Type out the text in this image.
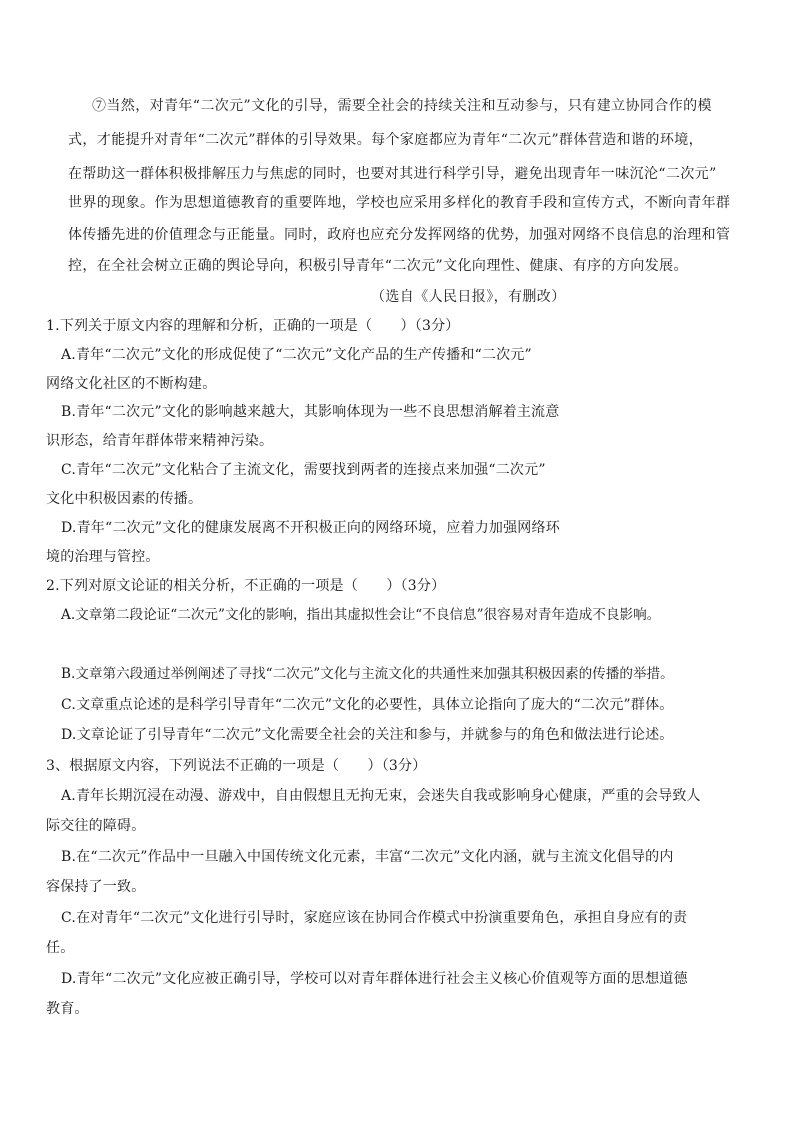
⑦当然，对青年“二次元”文化的引导，需要全社会的持续关注和互动参与，只有建立协同合作的模
式，才能提升对青年“二次元”群体的引导效果。每个家庭都应为青年“二次元”群体营造和谐的环境，
在帮助这一群体积极排解压力与焦虑的同时，也要对其进行科学引导，避免出现青年一味沉沦“二次元”
世界的现象。作为思想道德教育的重要阵地，学校也应采用多样化的教育手段和宣传方式，不断向青年群
体传播先进的价值理念与正能量。同时，政府也应充分发挥网络的优势，加强对网络不良信息的治理和管
控，在全社会树立正确的舆论导向，积极引导青年“二次元”文化向理性、健康、有序的方向发展。
（选自《人民日报》，有删改）
1.下列关于原文内容的理解和分析，正确的一项是（　　）（3分）
A.青年“二次元”文化的形成促使了“二次元”文化产品的生产传播和“二次元”
网络文化社区的不断构建。
B.青年“二次元”文化的影响越来越大，其影响体现为一些不良思想消解着主流意
识形态，给青年群体带来精神污染。
C.青年“二次元”文化粘合了主流文化，需要找到两者的连接点来加强“二次元”
文化中积极因素的传播。
D.青年“二次元”文化的健康发展离不开积极正向的网络环境，应着力加强网络环
境的治理与管控。
2.下列对原文论证的相关分析，不正确的一项是（　　）（3分）
A.文章第二段论证“二次元”文化的影响，指出其虚拟性会让“不良信息”很容易对青年造成不良影响。
B.文章第六段通过举例阐述了寻找“二次元”文化与主流文化的共通性来加强其积极因素的传播的举措。
C.文章重点论述的是科学引导青年“二次元”文化的必要性，具体立论指向了庞大的“二次元”群体。
D.文章论证了引导青年“二次元”文化需要全社会的关注和参与，并就参与的角色和做法进行论述。
3、根据原文内容，下列说法不正确的一项是（　　）（3分）
A.青年长期沉浸在动漫、游戏中，自由假想且无拘无束，会迷失自我或影响身心健康，严重的会导致人
际交往的障碍。
B.在“二次元”作品中一旦融入中国传统文化元素，丰富“二次元”文化内涵，就与主流文化倡导的内
容保持了一致。
C.在对青年“二次元”文化进行引导时，家庭应该在协同合作模式中扮演重要角色，承担自身应有的责
任。
D.青年“二次元”文化应被正确引导，学校可以对青年群体进行社会主义核心价值观等方面的思想道德
教育。
